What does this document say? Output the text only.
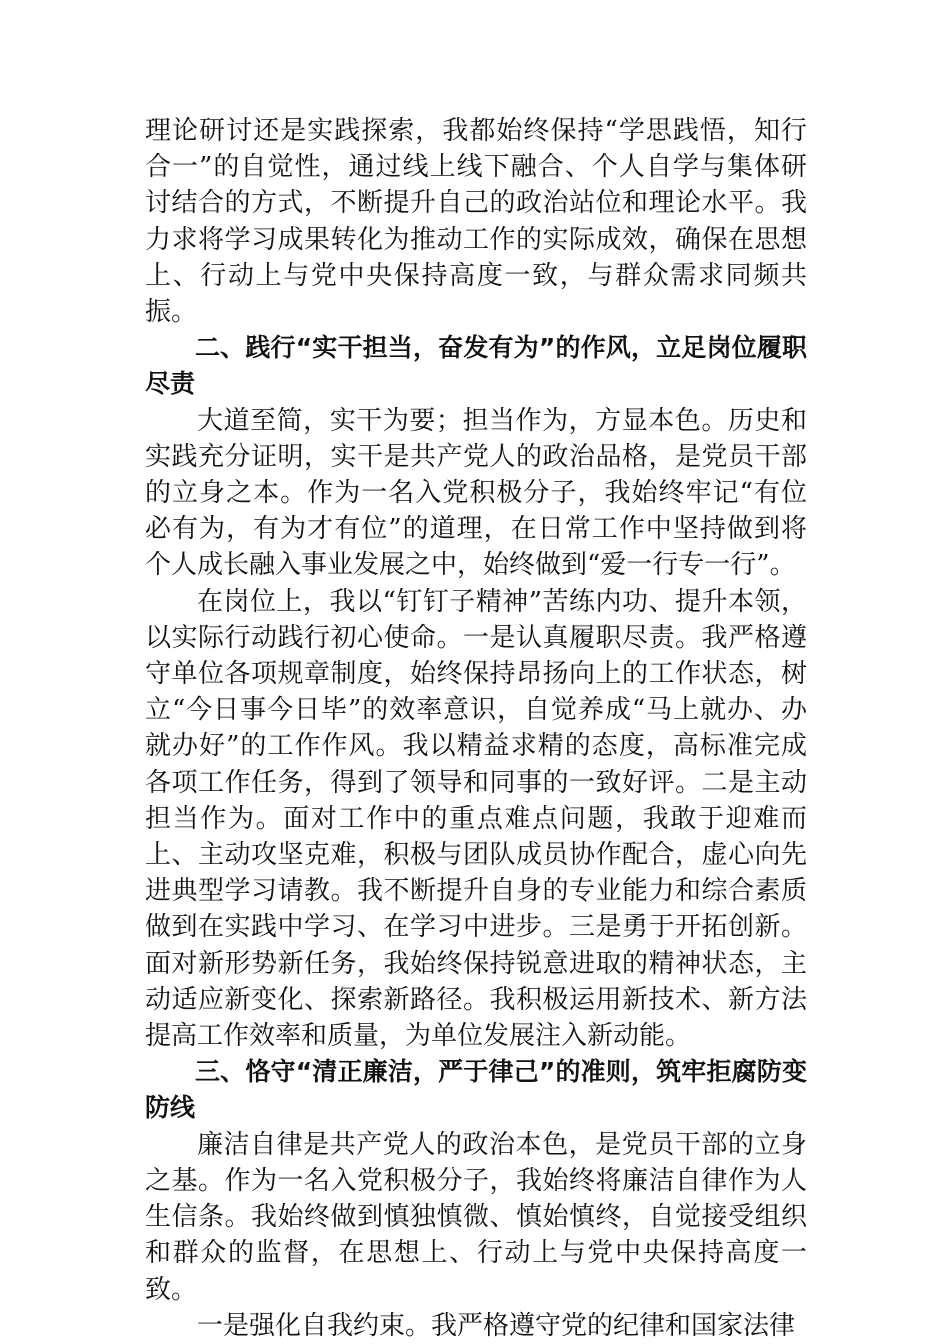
理论研讨还是实践探索，我都始终保持“学思践悟，知行合一”的自觉性，通过线上线下融合、个人自学与集体研讨结合的方式，不断提升自己的政治站位和理论水平。我力求将学习成果转化为推动工作的实际成效，确保在思想上、行动上与党中央保持高度一致，与群众需求同频共振。

二、践行“实干担当，奋发有为”的作风，立足岗位履职尽责

大道至简，实干为要；担当作为，方显本色。历史和实践充分证明，实干是共产党人的政治品格，是党员干部的立身之本。作为一名入党积极分子，我始终牢记“有位必有为，有为才有位”的道理，在日常工作中坚持做到将个人成长融入事业发展之中，始终做到“爱一行专一行”。

在岗位上，我以“钉钉子精神”苦练内功、提升本领，以实际行动践行初心使命。一是认真履职尽责。我严格遵守单位各项规章制度，始终保持昂扬向上的工作状态，树立“今日事今日毕”的效率意识，自觉养成“马上就办、办就办好”的工作作风。我以精益求精的态度，高标准完成各项工作任务，得到了领导和同事的一致好评。二是主动担当作为。面对工作中的重点难点问题，我敢于迎难而上、主动攻坚克难，积极与团队成员协作配合，虚心向先进典型学习请教。我不断提升自身的专业能力和综合素质做到在实践中学习、在学习中进步。三是勇于开拓创新。面对新形势新任务，我始终保持锐意进取的精神状态，主动适应新变化、探索新路径。我积极运用新技术、新方法提高工作效率和质量，为单位发展注入新动能。

三、恪守“清正廉洁，严于律己”的准则，筑牢拒腐防变防线

廉洁自律是共产党人的政治本色，是党员干部的立身之基。作为一名入党积极分子，我始终将廉洁自律作为人生信条。我始终做到慎独慎微、慎始慎终，自觉接受组织和群众的监督，在思想上、行动上与党中央保持高度一致。

一是强化自我约束。我严格遵守党的纪律和国家法律
